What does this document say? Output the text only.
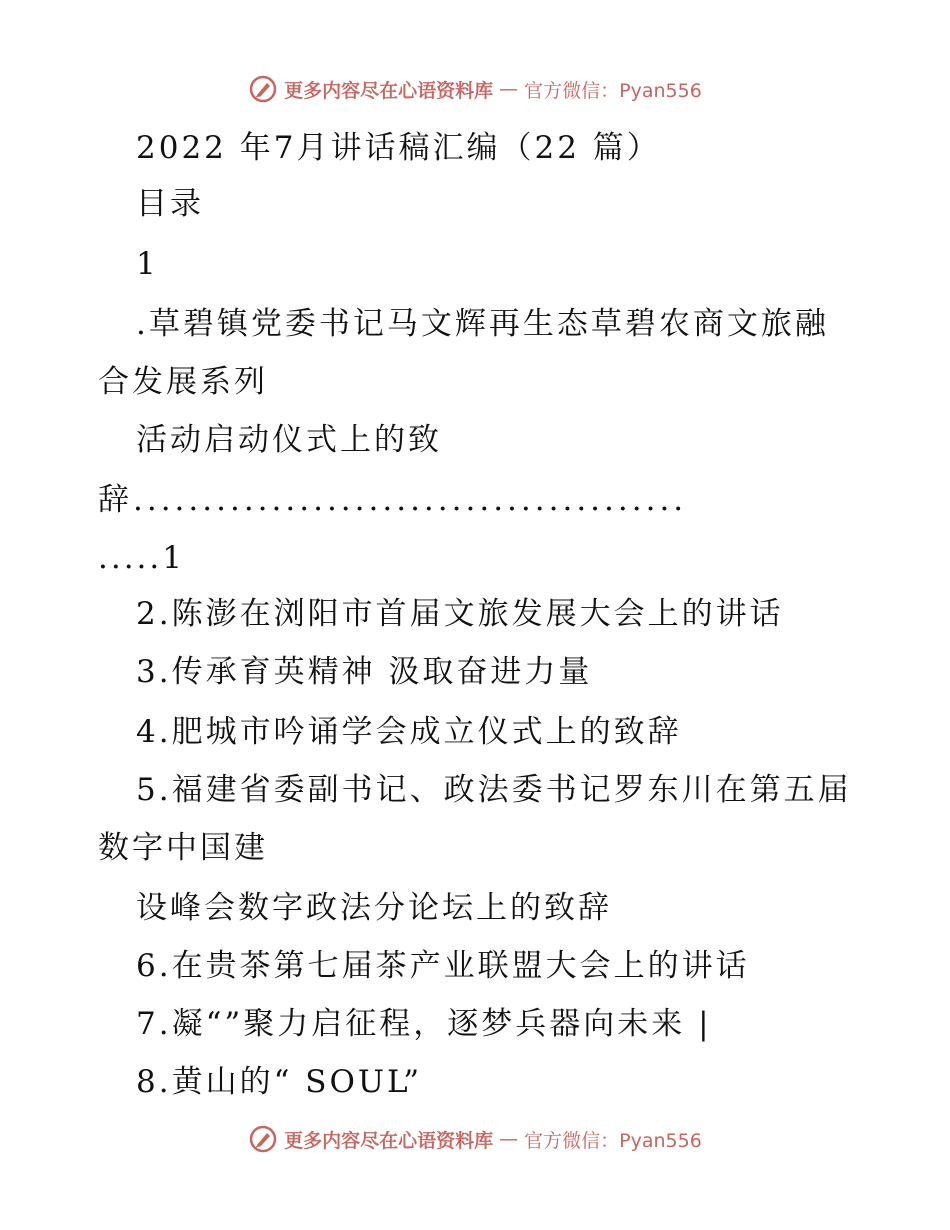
更多内容尽在心语资料库 — 官方微信：Pyan556

2022 年7月讲话稿汇编（22 篇）

目录

1

.草碧镇党委书记马文辉再生态草碧农商文旅融

合发展系列

活动启动仪式上的致

辞........................................

.....1

2.陈澎在浏阳市首届文旅发展大会上的讲话

3.传承育英精神 汲取奋进力量

4.肥城市吟诵学会成立仪式上的致辞

5.福建省委副书记、政法委书记罗东川在第五届

数字中国建

设峰会数字政法分论坛上的致辞

6.在贵茶第七届茶产业联盟大会上的讲话

7.凝“”聚力启征程，逐梦兵器向未来 |

8.黄山的“ SOUL”

更多内容尽在心语资料库 — 官方微信：Pyan556
